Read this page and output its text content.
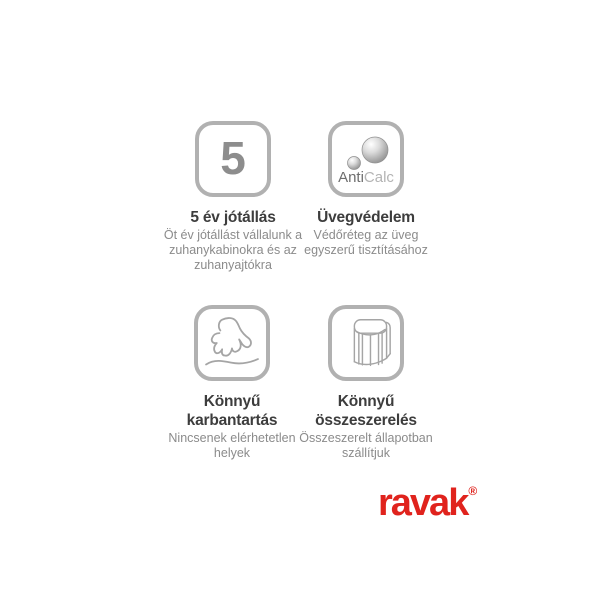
5
5 év jótállás
Öt év jótállást vállalunk a zuhanykabinokra és az zuhanyajtókra
AntiCalc
Üvegvédelem
Védőréteg az üveg egyszerű tisztításához
Könnyű karbantartás
Nincsenek elérhetetlen helyek
Könnyű összeszerelés
Összeszerelt állapotban szállítjuk
ravak®
